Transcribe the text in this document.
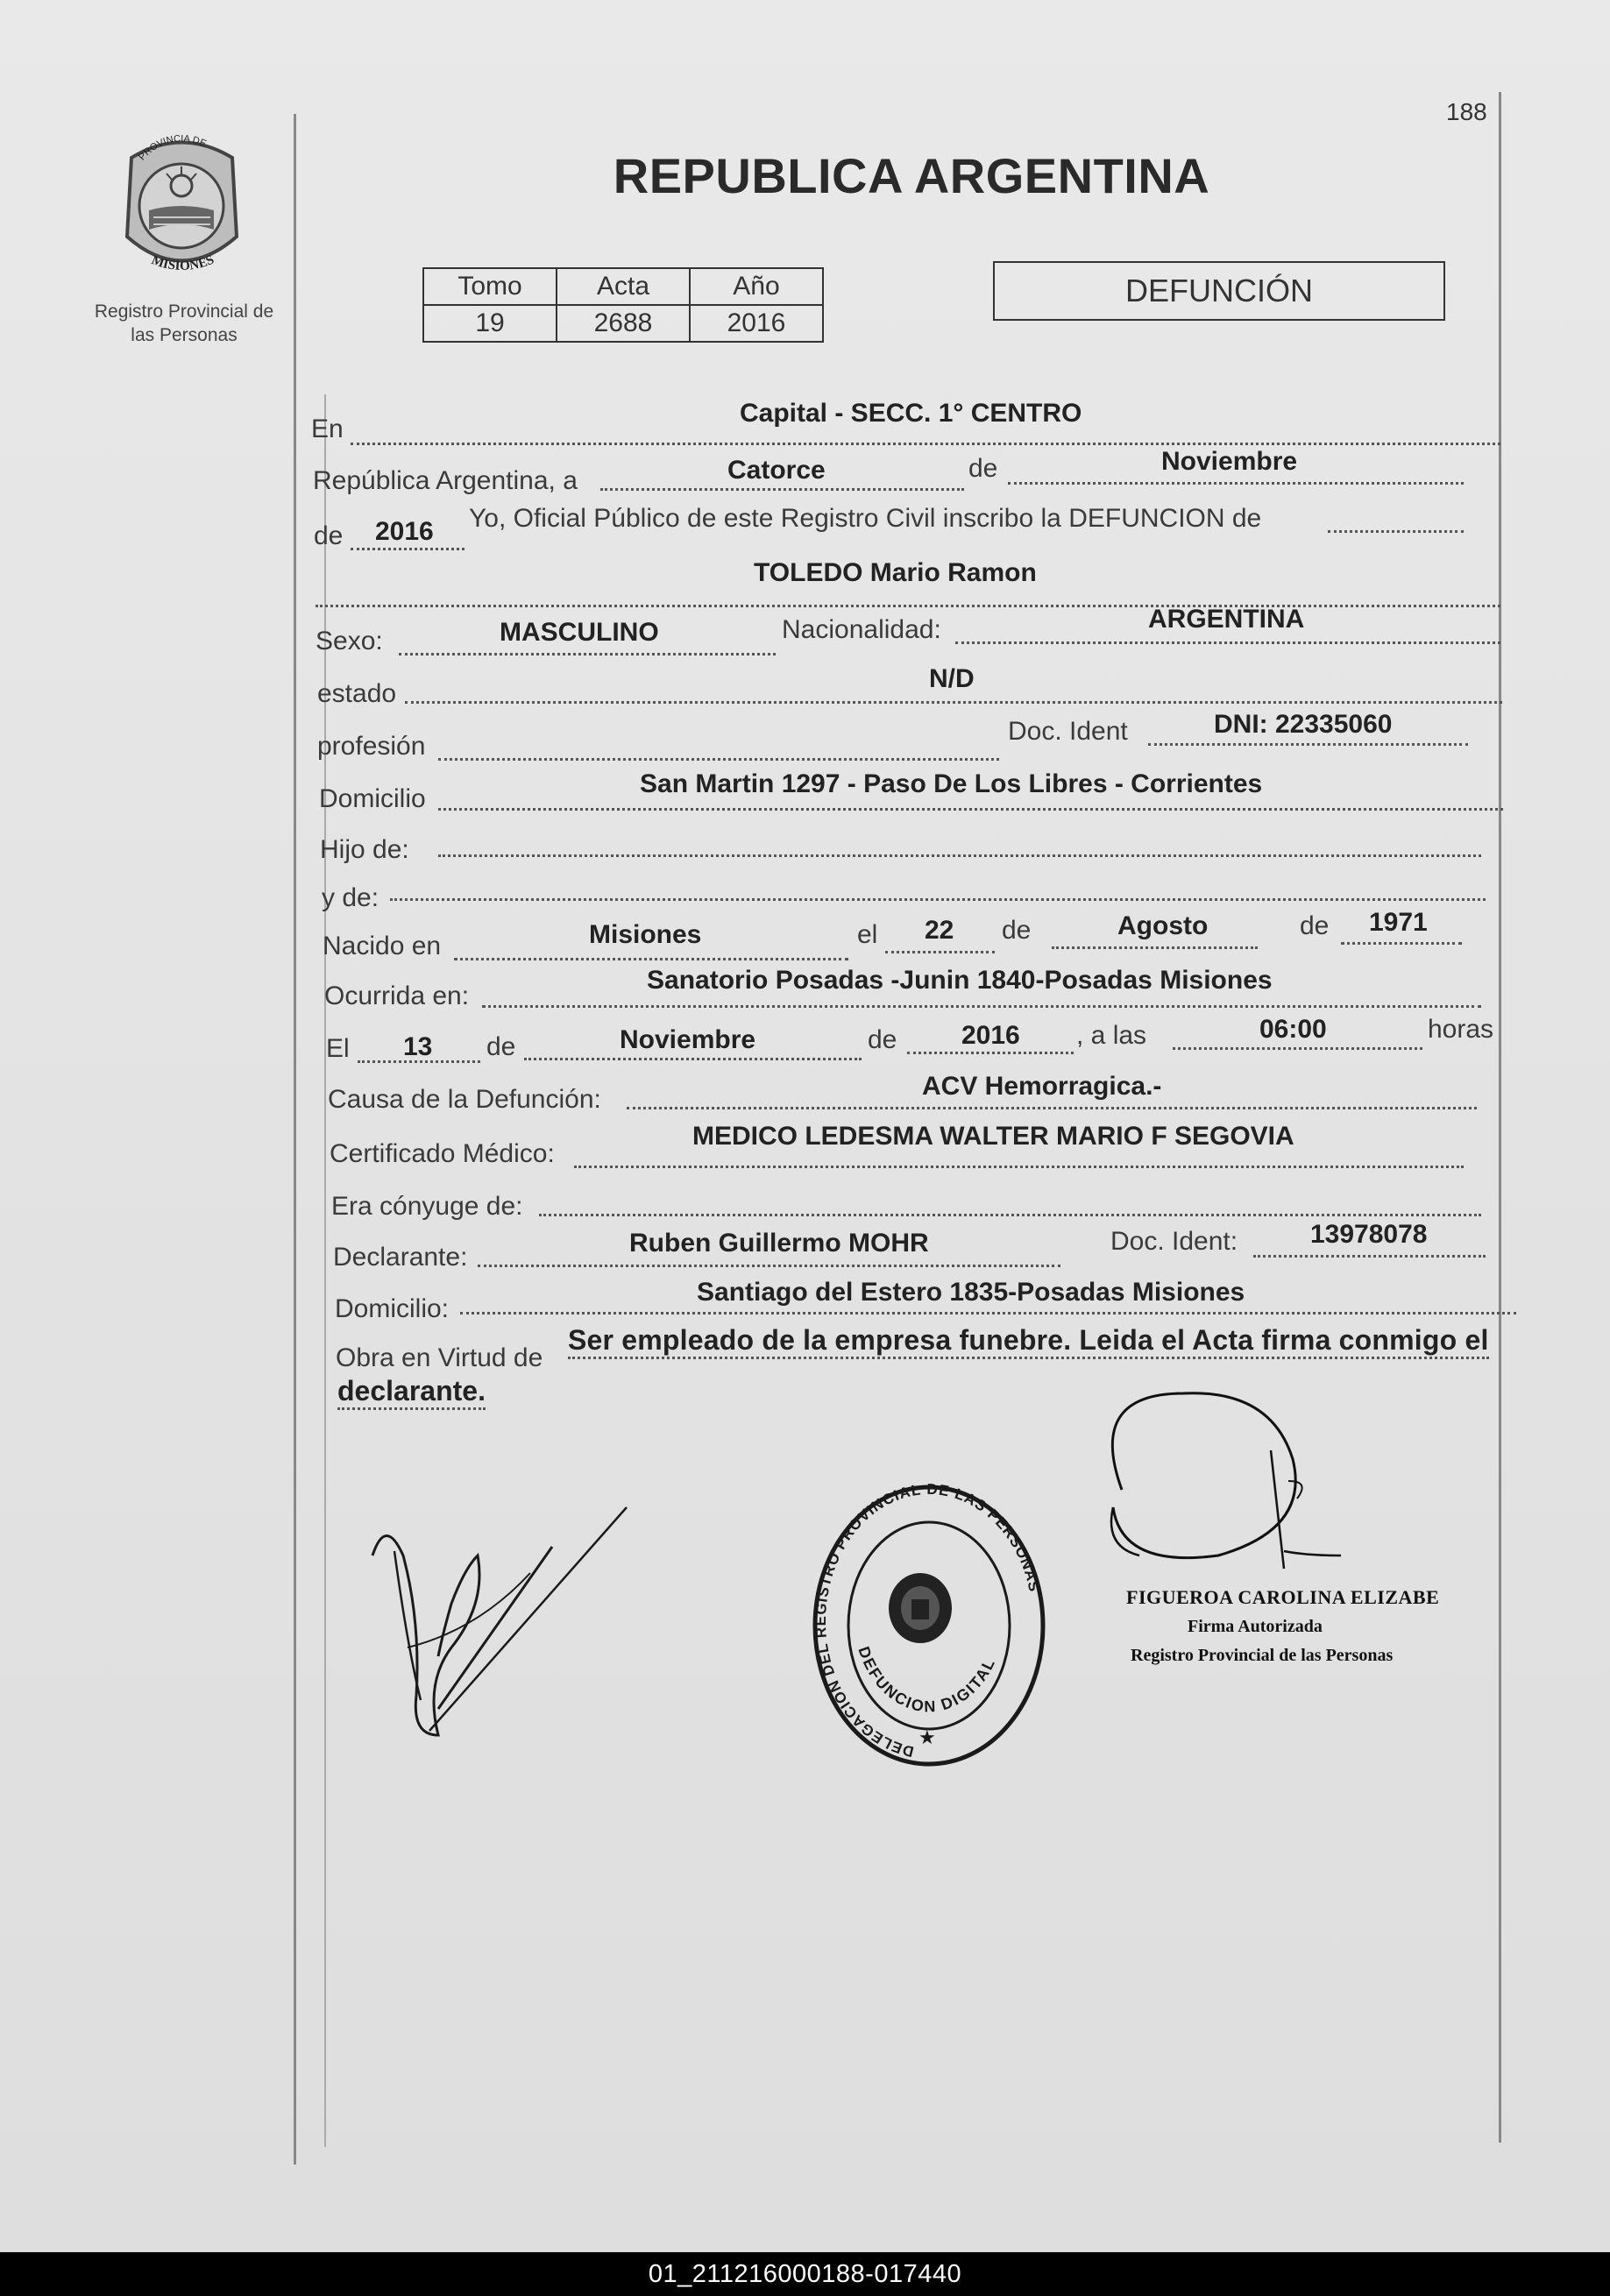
188
PROVINCIA DE
MISIONES
Registro Provincial de
las Personas
REPUBLICA ARGENTINA
Tomo	Acta	Año
19	2688	2016
DEFUNCIÓN
En
Capital - SECC. 1° CENTRO
República Argentina, a	Catorce	de	Noviembre
de 2016 Yo, Oficial Público de este Registro Civil inscribo la DEFUNCION de
TOLEDO Mario Ramon
Sexo:	MASCULINO	Nacionalidad:	ARGENTINA
estado
N/D
profesión
Doc. Ident	DNI: 22335060
Domicilio
San Martin 1297 - Paso De Los Libres - Corrientes
Hijo de:
y de:
Nacido en	Misiones	el 22 de	Agosto	de 1971
Ocurrida en:
Sanatorio Posadas -Junin 1840-Posadas Misiones
El 13 de	Noviembre	de 2016 , a las	06:00	horas
Causa de la Defunción:	ACV Hemorragica.-
Certificado Médico:
MEDICO LEDESMA WALTER MARIO F SEGOVIA
Era cónyuge de:
Declarante:	Ruben Guillermo MOHR	Doc. Ident:	13978078
Domicilio:
Santiago del Estero 1835-Posadas Misiones
Obra en Virtud de
Ser empleado de la empresa funebre. Leida el Acta firma conmigo el
declarante.
DELEGACION DEL REGISTRO PROVINCIAL DE LAS PERSONAS
DEFUNCION DIGITAL
★
FIGUEROA CAROLINA ELIZABE
Firma Autorizada
Registro Provincial de las Personas
01_211216000188-017440
